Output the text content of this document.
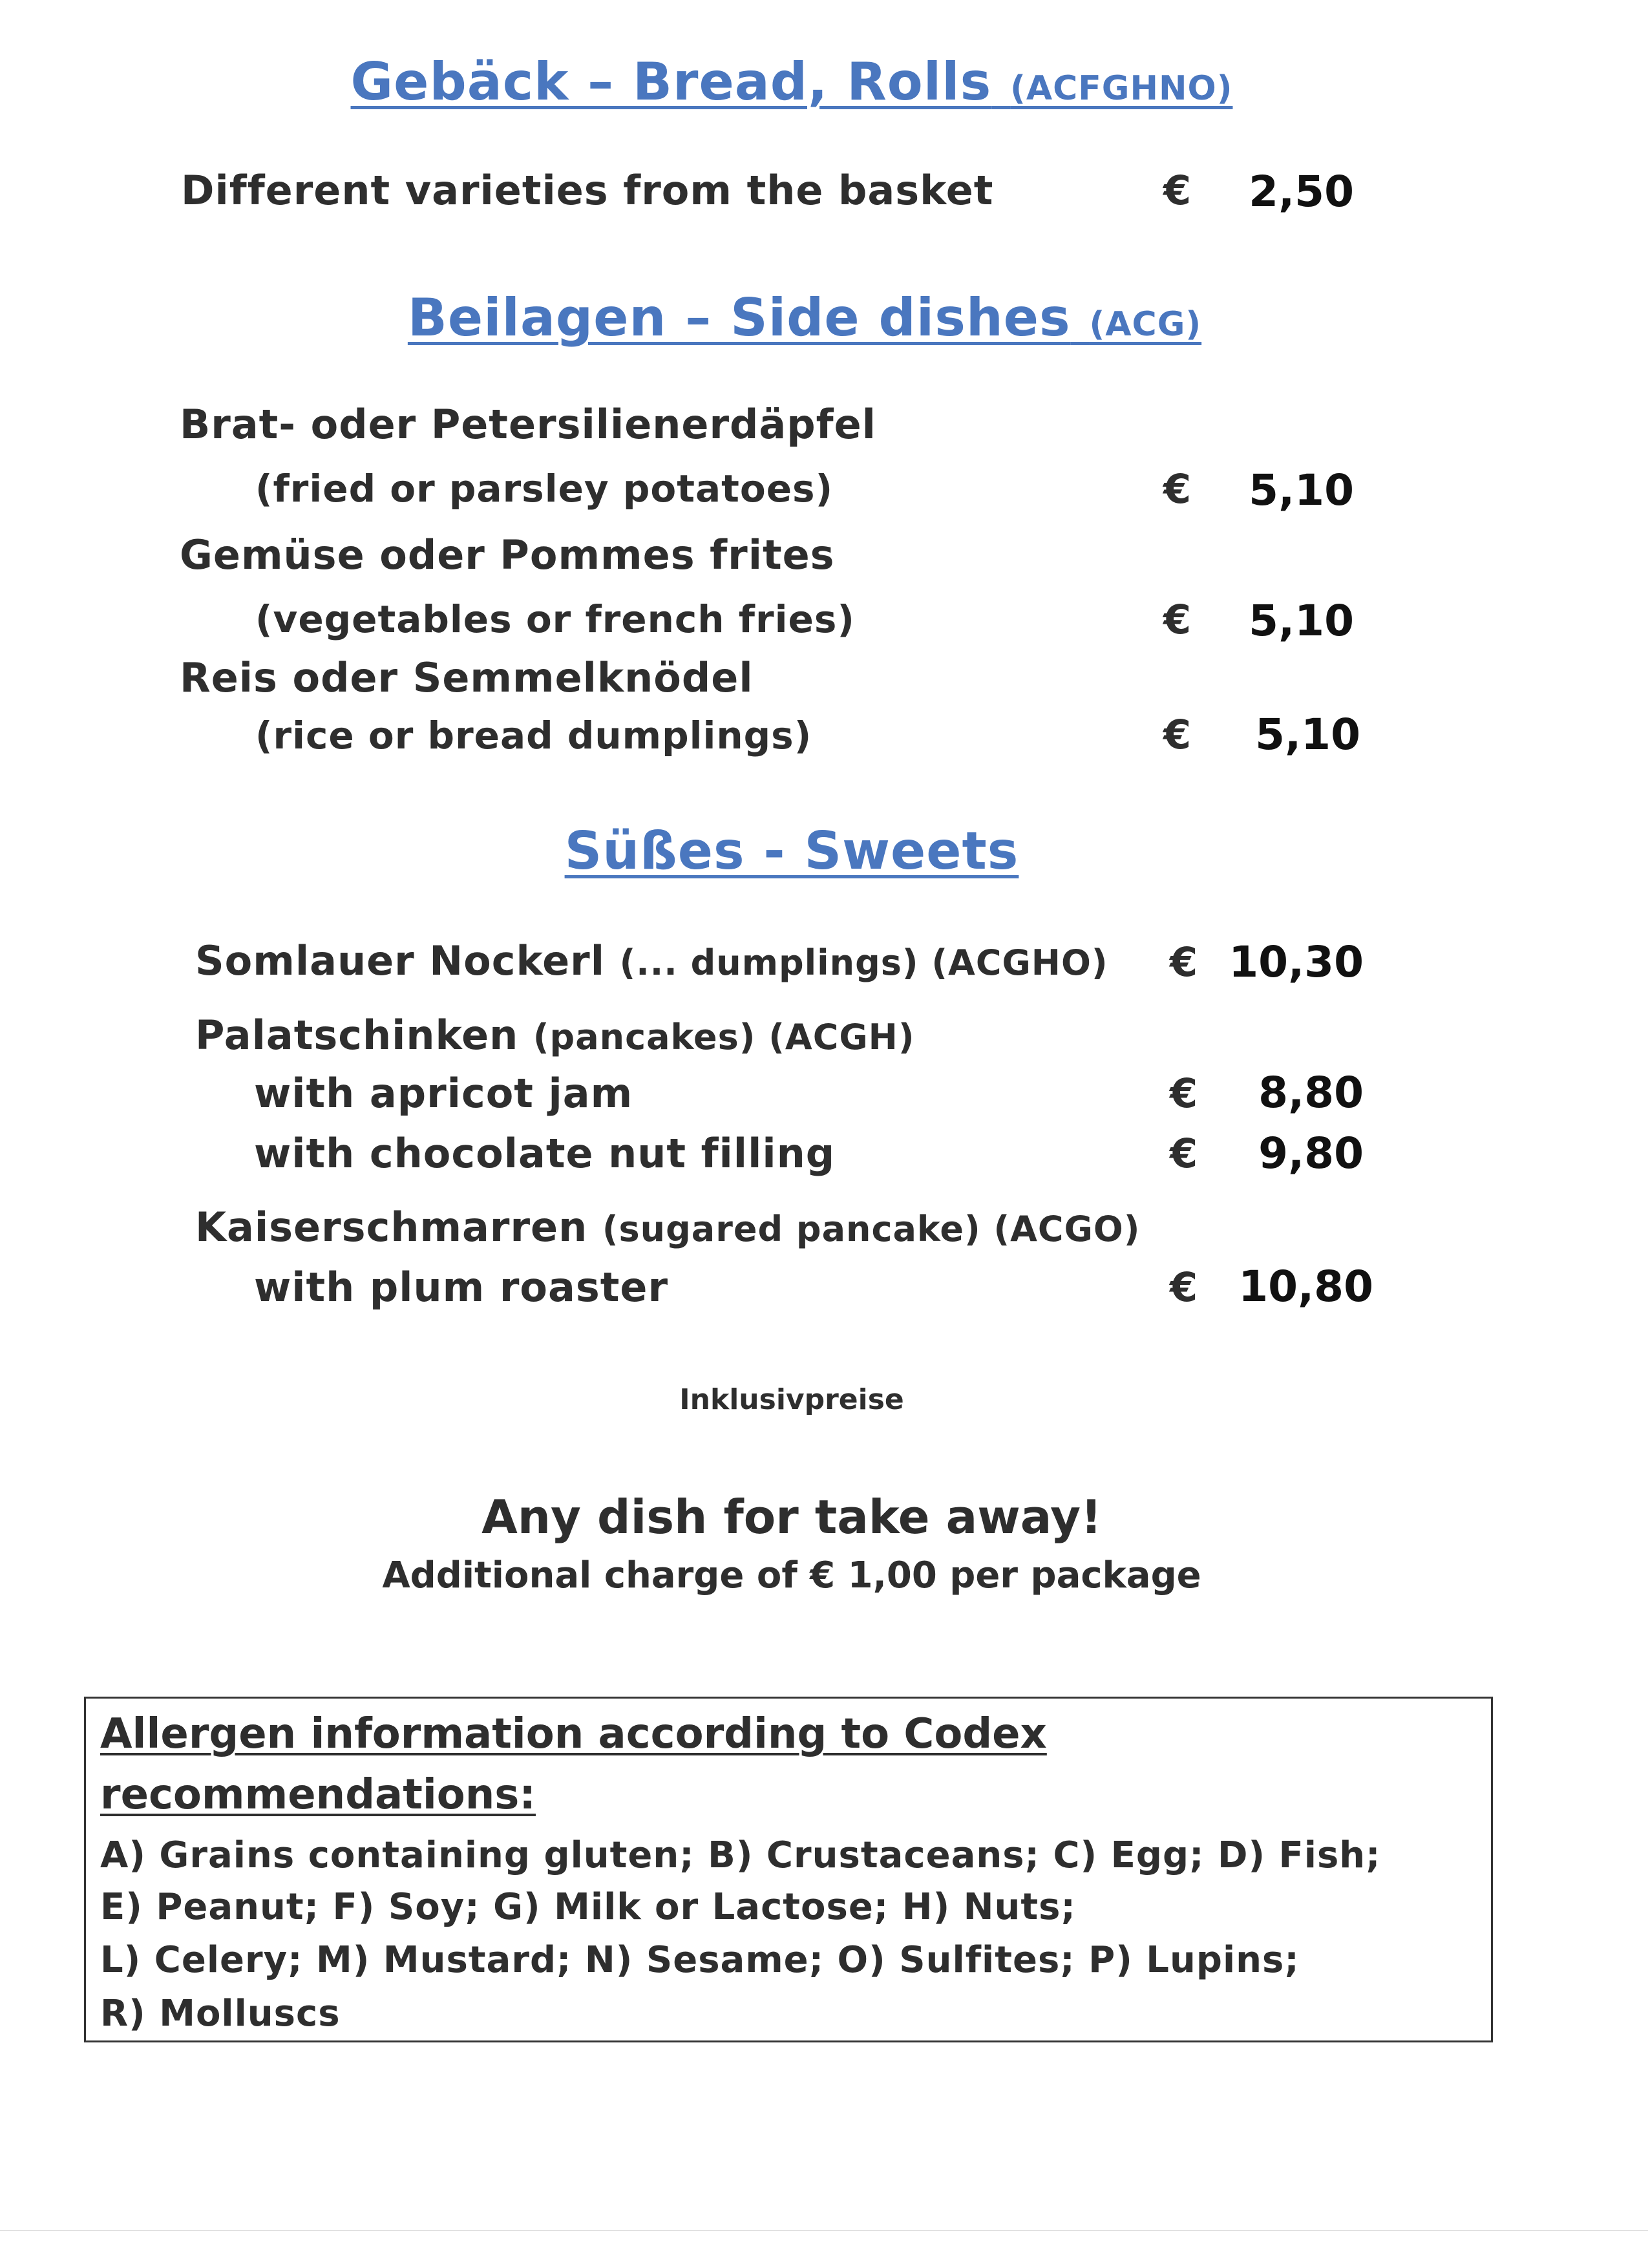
Gebäck – Bread, Rolls (ACFGHNO)
Different varieties from the basket	€	2,50
Beilagen – Side dishes (ACG)
Brat- oder Petersilienerdäpfel
(fried or parsley potatoes)	€	5,10
Gemüse oder Pommes frites
(vegetables or french fries)	€	5,10
Reis oder Semmelknödel
(rice or bread dumplings)	€	5,10
Süßes - Sweets
Somlauer Nockerl (... dumplings) (ACGHO) € 10,30
Palatschinken (pancakes) (ACGH)
with apricot jam	€	8,80
with chocolate nut filling	€	9,80
Kaiserschmarren (sugared pancake) (ACGO)
with plum roaster	€ 10,80
Inklusivpreise
Any dish for take away!
Additional charge of € 1,00 per package
Allergen information according to Codex
recommendations:
A) Grains containing gluten; B) Crustaceans; C) Egg; D) Fish;
E) Peanut; F) Soy; G) Milk or Lactose; H) Nuts;
L) Celery; M) Mustard; N) Sesame; O) Sulfites; P) Lupins;
R) Molluscs
